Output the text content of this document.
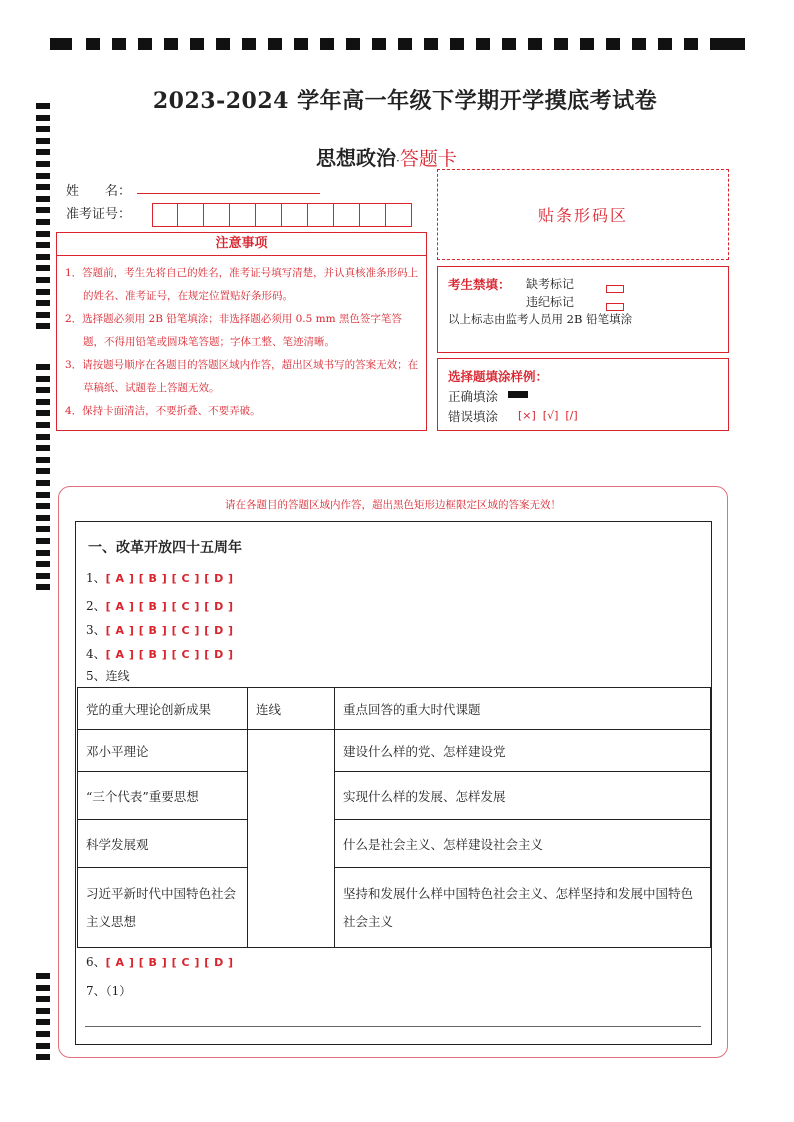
2023-2024 学年高一年级下学期开学摸底考试卷
思想政治·答题卡
姓　　名：
准考证号：	贴条形码区
注意事项
1．答题前，考生先将自己的姓名，准考证号填写清楚，并认真核准条形码上的姓名、准考证号，在规定位置贴好条形码。
2．选择题必须用 2B 铅笔填涂；非选择题必须用 0.5 mm 黑色签字笔答题，不得用铅笔或圆珠笔答题；字体工整、笔迹清晰。
3．请按题号顺序在各题目的答题区域内作答，超出区域书写的答案无效；在草稿纸、试题卷上答题无效。
4．保持卡面清洁，不要折叠、不要弄破。
考生禁填： 缺考标记
违纪标记
以上标志由监考人员用 2B 铅笔填涂
选择题填涂样例：
正确填涂
错误填涂 [×]  [√]  [/]
请在各题目的答题区域内作答，超出黑色矩形边框限定区域的答案无效！
一、改革开放四十五周年
1、[ A ] [ B ] [ C ] [ D ]
2、[ A ] [ B ] [ C ] [ D ]
3、[ A ] [ B ] [ C ] [ D ]
4、[ A ] [ B ] [ C ] [ D ]
5、连线
党的重大理论创新成果	连线	重点回答的重大时代课题
邓小平理论		建设什么样的党、怎样建设党
“三个代表”重要思想		实现什么样的发展、怎样发展
科学发展观		什么是社会主义、怎样建设社会主义
习近平新时代中国特色社会主义思想		坚持和发展什么样中国特色社会主义、怎样坚持和发展中国特色社会主义
6、[ A ] [ B ] [ C ] [ D ]
7、（1）
